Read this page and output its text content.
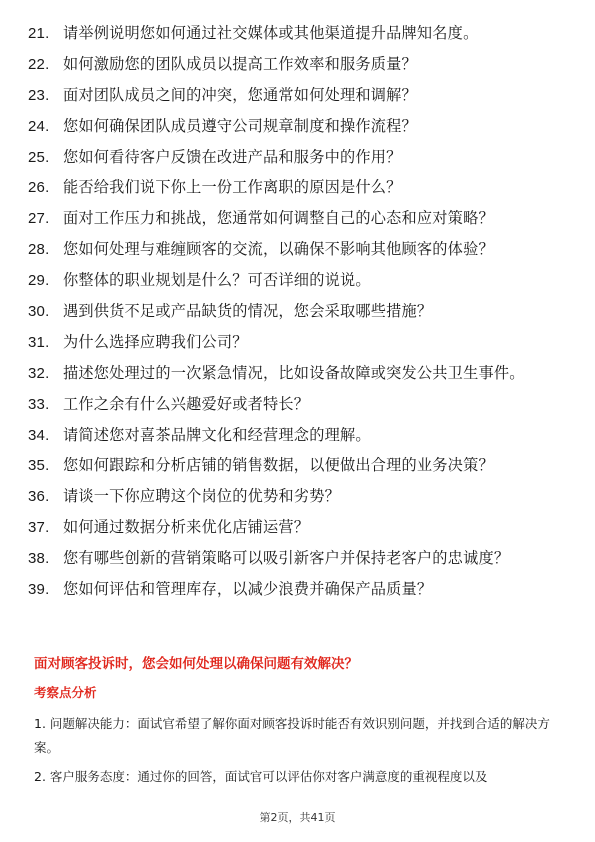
21. 请举例说明您如何通过社交媒体或其他渠道提升品牌知名度。
22. 如何激励您的团队成员以提高工作效率和服务质量？
23. 面对团队成员之间的冲突，您通常如何处理和调解？
24. 您如何确保团队成员遵守公司规章制度和操作流程？
25. 您如何看待客户反馈在改进产品和服务中的作用？
26. 能否给我们说下你上一份工作离职的原因是什么？
27. 面对工作压力和挑战，您通常如何调整自己的心态和应对策略？
28. 您如何处理与难缠顾客的交流，以确保不影响其他顾客的体验？
29. 你整体的职业规划是什么？可否详细的说说。
30. 遇到供货不足或产品缺货的情况，您会采取哪些措施？
31. 为什么选择应聘我们公司？
32. 描述您处理过的一次紧急情况，比如设备故障或突发公共卫生事件。
33. 工作之余有什么兴趣爱好或者特长？
34. 请简述您对喜茶品牌文化和经营理念的理解。
35. 您如何跟踪和分析店铺的销售数据，以便做出合理的业务决策？
36. 请谈一下你应聘这个岗位的优势和劣势？
37. 如何通过数据分析来优化店铺运营？
38. 您有哪些创新的营销策略可以吸引新客户并保持老客户的忠诚度？
39. 您如何评估和管理库存，以减少浪费并确保产品质量？
面对顾客投诉时，您会如何处理以确保问题有效解决？
考察点分析
1. 问题解决能力：面试官希望了解你面对顾客投诉时能否有效识别问题，并找到合适的解决方案。
2. 客户服务态度：通过你的回答，面试官可以评估你对客户满意度的重视程度以及
第2页，共41页
